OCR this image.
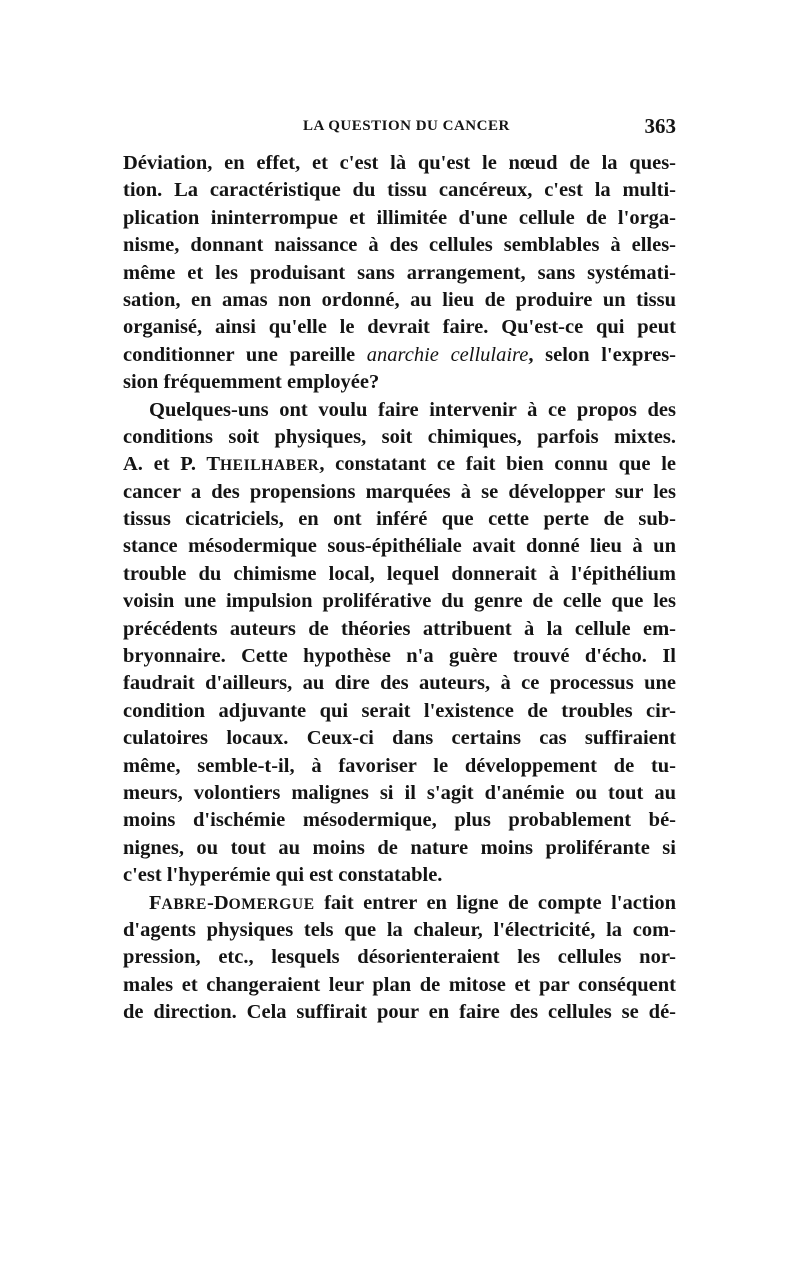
LA QUESTION DU CANCER	363
Déviation, en effet, et c'est là qu'est le nœud de la ques-
tion. La caractéristique du tissu cancéreux, c'est la multi-
plication ininterrompue et illimitée d'une cellule de l'orga-
nisme, donnant naissance à des cellules semblables à elles-
même et les produisant sans arrangement, sans systémati-
sation, en amas non ordonné, au lieu de produire un tissu
organisé, ainsi qu'elle le devrait faire. Qu'est-ce qui peut
conditionner une pareille anarchie cellulaire, selon l'expres-
sion fréquemment employée?
Quelques-uns ont voulu faire intervenir à ce propos des
conditions soit physiques, soit chimiques, parfois mixtes.
A. et P. THEILHABER, constatant ce fait bien connu que le
cancer a des propensions marquées à se développer sur les
tissus cicatriciels, en ont inféré que cette perte de sub-
stance mésodermique sous-épithéliale avait donné lieu à un
trouble du chimisme local, lequel donnerait à l'épithélium
voisin une impulsion proliférative du genre de celle que les
précédents auteurs de théories attribuent à la cellule em-
bryonnaire. Cette hypothèse n'a guère trouvé d'écho. Il
faudrait d'ailleurs, au dire des auteurs, à ce processus une
condition adjuvante qui serait l'existence de troubles cir-
culatoires locaux. Ceux-ci dans certains cas suffiraient
même, semble-t-il, à favoriser le développement de tu-
meurs, volontiers malignes si il s'agit d'anémie ou tout au
moins d'ischémie mésodermique, plus probablement bé-
nignes, ou tout au moins de nature moins proliférante si
c'est l'hyperémie qui est constatable.
FABRE-DOMERGUE fait entrer en ligne de compte l'action
d'agents physiques tels que la chaleur, l'électricité, la com-
pression, etc., lesquels désorienteraient les cellules nor-
males et changeraient leur plan de mitose et par conséquent
de direction. Cela suffirait pour en faire des cellules se dé-
